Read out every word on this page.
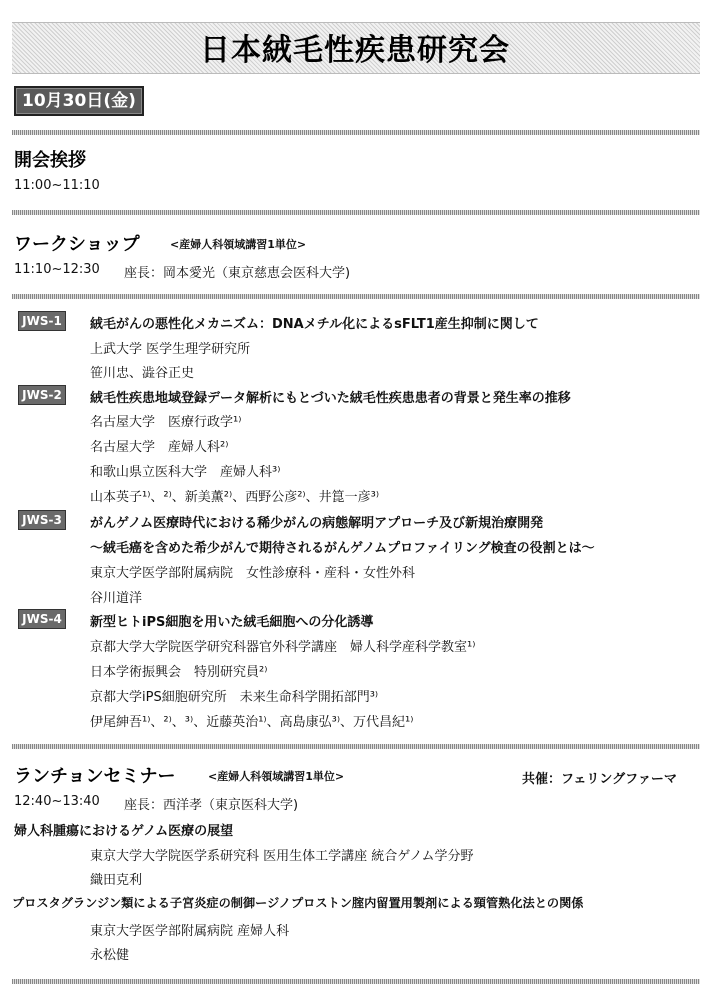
日本絨毛性疾患研究会
10月30日(金)
開会挨拶
11:00~11:10
ワークショップ	<産婦人科領域講習1単位>
11:10~12:30 座長：岡本愛光（東京慈恵会医科大学)
JWS-1	絨毛がんの悪性化メカニズム：DNAメチル化によるsFLT1産生抑制に関して
上武大学 医学生理学研究所
笹川忠、澁谷正史
JWS-2	絨毛性疾患地域登録データ解析にもとづいた絨毛性疾患患者の背景と発生率の推移
名古屋大学　医療行政学¹⁾
名古屋大学　産婦人科²⁾
和歌山県立医科大学　産婦人科³⁾
山本英子¹⁾、²⁾、新美薫²⁾、西野公彦²⁾、井箟一彦³⁾
JWS-3	がんゲノム医療時代における稀少がんの病態解明アプローチ及び新規治療開発
～絨毛癌を含めた希少がんで期待されるがんゲノムプロファイリング検査の役割とは～
東京大学医学部附属病院　女性診療科・産科・女性外科
谷川道洋
JWS-4	新型ヒトiPS細胞を用いた絨毛細胞への分化誘導
京都大学大学院医学研究科器官外科学講座　婦人科学産科学教室¹⁾
日本学術振興会　特別研究員²⁾
京都大学iPS細胞研究所　未来生命科学開拓部門³⁾
伊尾紳吾¹⁾、²⁾、³⁾、近藤英治¹⁾、高島康弘³⁾、万代昌紀¹⁾
ランチョンセミナー	<産婦人科領域講習1単位>	共催：フェリングファーマ
12:40~13:40 座長：西洋孝（東京医科大学)
婦人科腫瘍におけるゲノム医療の展望
東京大学大学院医学系研究科 医用生体工学講座 統合ゲノム学分野
織田克利
プロスタグランジン類による子宮炎症の制御ージノプロストン腟内留置用製剤による頸管熟化法との関係
東京大学医学部附属病院 産婦人科
永松健
